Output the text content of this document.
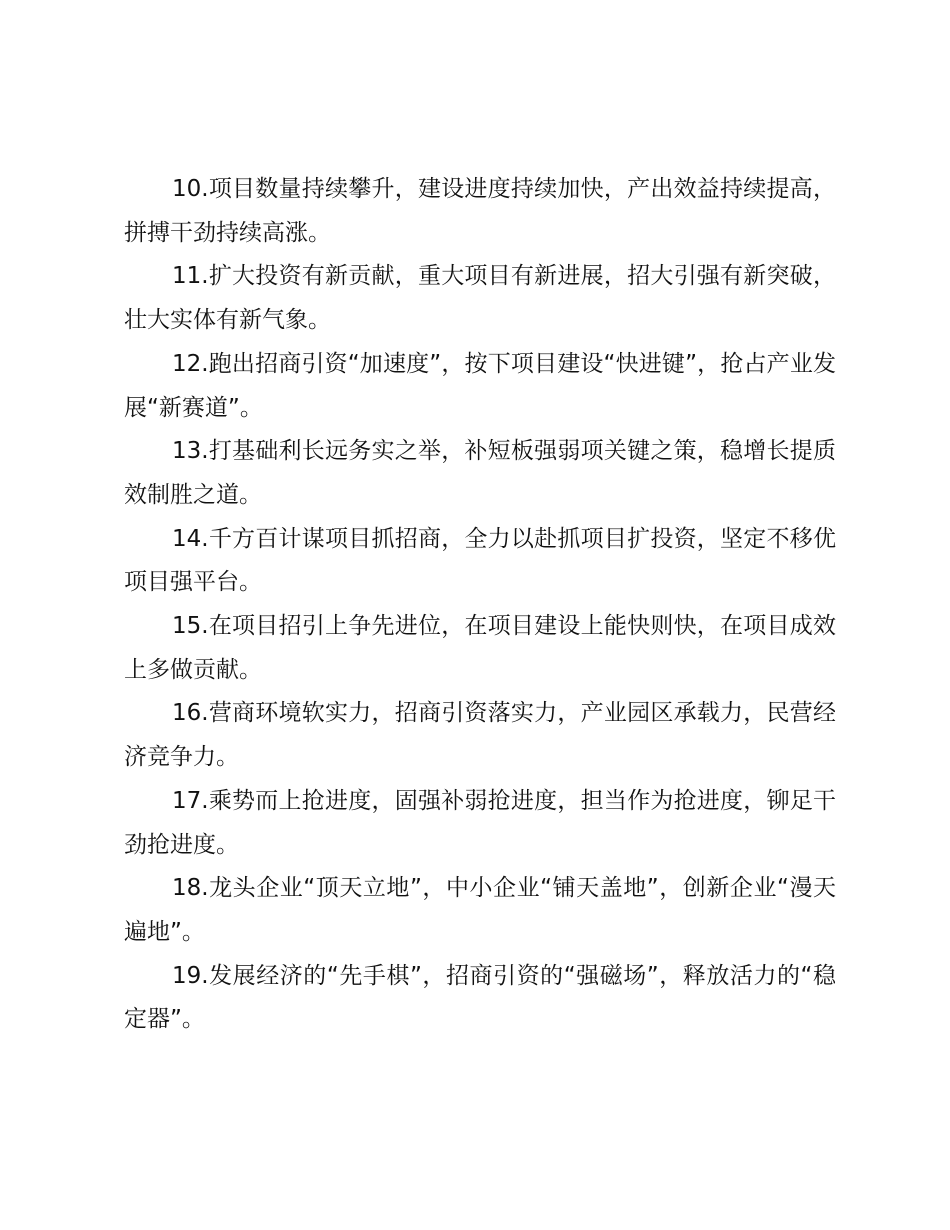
10.项目数量持续攀升，建设进度持续加快，产出效益持续提高，拼搏干劲持续高涨。

11.扩大投资有新贡献，重大项目有新进展，招大引强有新突破，壮大实体有新气象。

12.跑出招商引资“加速度”，按下项目建设“快进键”，抢占产业发展“新赛道”。

13.打基础利长远务实之举，补短板强弱项关键之策，稳增长提质效制胜之道。

14.千方百计谋项目抓招商，全力以赴抓项目扩投资，坚定不移优项目强平台。

15.在项目招引上争先进位，在项目建设上能快则快，在项目成效上多做贡献。

16.营商环境软实力，招商引资落实力，产业园区承载力，民营经济竞争力。

17.乘势而上抢进度，固强补弱抢进度，担当作为抢进度，铆足干劲抢进度。

18.龙头企业“顶天立地”，中小企业“铺天盖地”，创新企业“漫天遍地”。

19.发展经济的“先手棋”，招商引资的“强磁场”，释放活力的“稳定器”。
